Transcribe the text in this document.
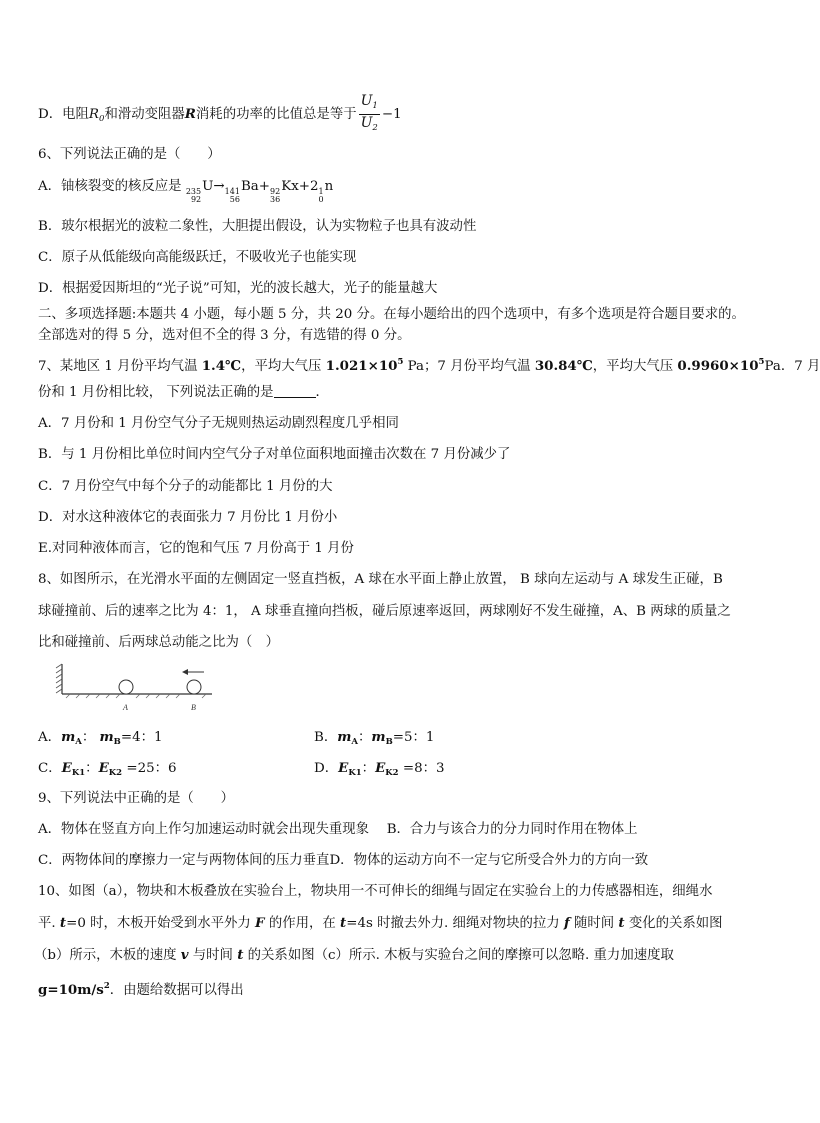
D．电阻$R_0$和滑动变阻器R消耗的功率的比值总是等于 $\frac{U_1}{U_2} -1$
6、下列说法正确的是（　　）
A．铀核裂变的核反应是 235
92
U→ 141
56
Ba+ 92
36
Kx+2 1
0
n
B．玻尔根据光的波粒二象性，大胆提出假设，认为实物粒子也具有波动性
C．原子从低能级向高能级跃迁，不吸收光子也能实现
D．根据爱因斯坦的“光子说”可知，光的波长越大，光子的能量越大
二、多项选择题:本题共 4 小题，每小题 5 分，共 20 分。在每小题给出的四个选项中，有多个选项是符合题目要求的。
全部选对的得 5 分，选对但不全的得 3 分，有选错的得 0 分。
7、某地区 1 月份平均气温 1.4℃，平均大气压 $1.021\times 10^5$ Pa；7 月份平均气温 30.84℃，平均大气压 $0.9960\times 10^5Pa$．7 月
份和 1 月份相比较， 下列说法正确的是	．
A．7 月份和 1 月份空气分子无规则热运动剧烈程度几乎相同
B．与 1 月份相比单位时间内空气分子对单位面积地面撞击次数在 7 月份减少了
C．7 月份空气中每个分子的动能都比 1 月份的大
D．对水这种液体它的表面张力 7 月份比 1 月份小
E.对同种液体而言，它的饱和气压 7 月份高于 1 月份
8、如图所示，在光滑水平面的左侧固定一竖直挡板，A 球在水平面上静止放置， B 球向左运动与 A 球发生正碰，B
球碰撞前、后的速率之比为 4：1， A 球垂直撞向挡板，碰后原速率返回，两球刚好不发生碰撞，A、B 两球的质量之
比和碰撞前、后两球总动能之比为（　）
A	B
A．$m_A$： $m_B=4$：1	B．$m_A$：$m_B=5$：1
C．$E_{K1}$：$E_{K2} =25$：6	D．$E_{K1}$：$E_{K2} =8$：3
9、下列说法中正确的是（　　）
A．物体在竖直方向上作匀加速运动时就会出现失重现象　 B．合力与该合力的分力同时作用在物体上
C．两物体间的摩擦力一定与两物体间的压力垂直D．物体的运动方向不一定与它所受合外力的方向一致
10、如图（a），物块和木板叠放在实验台上，物块用一不可伸长的细绳与固定在实验台上的力传感器相连，细绳水
平. t=0 时，木板开始受到水平外力 F 的作用，在 t=4s 时撤去外力. 细绳对物块的拉力 f 随时间 t 变化的关系如图
（b）所示，木板的速度 v 与时间 t 的关系如图（c）所示. 木板与实验台之间的摩擦可以忽略. 重力加速度取
$g=10m/s^2$．由题给数据可以得出
